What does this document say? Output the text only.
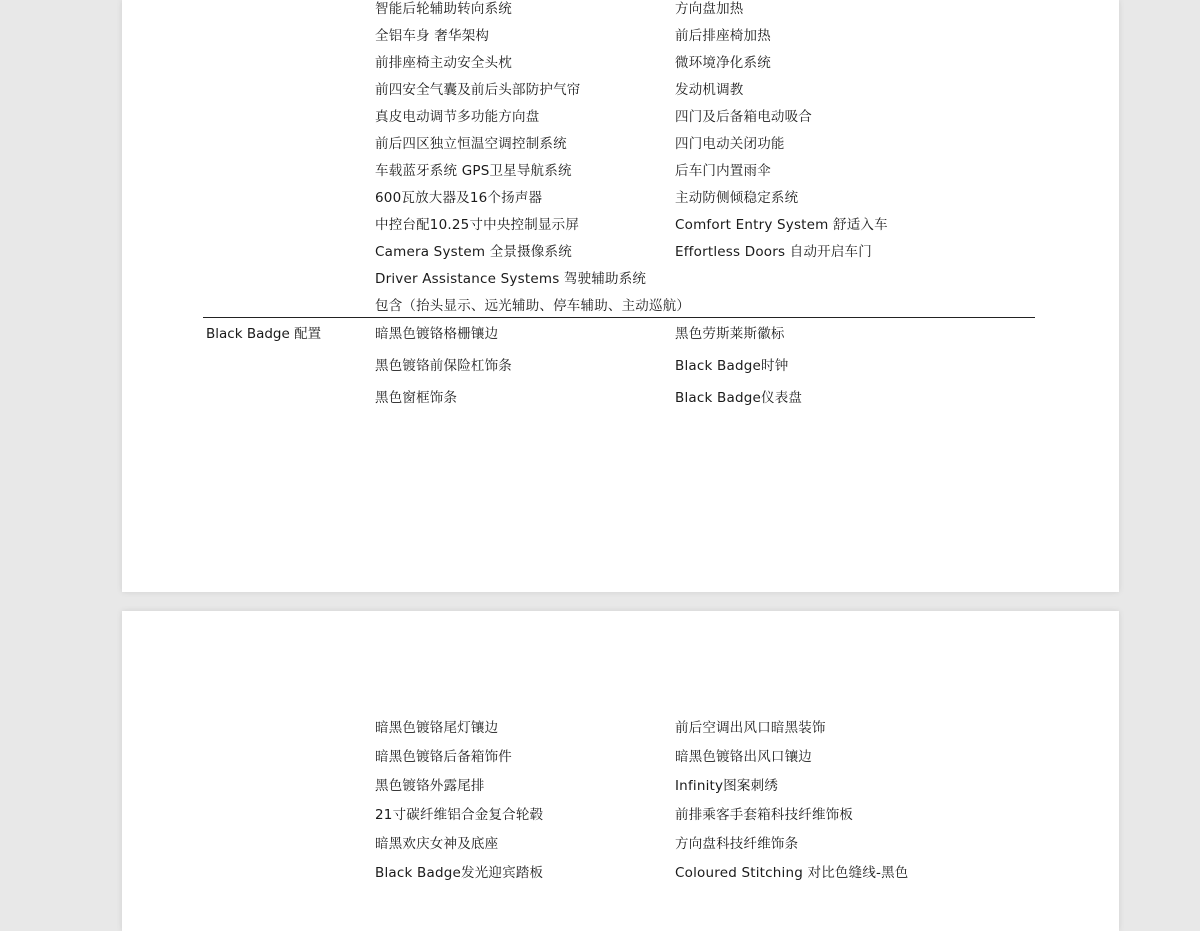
智能后轮辅助转向系统
全铝车身 奢华架构
前排座椅主动安全头枕
前四安全气囊及前后头部防护气帘
真皮电动调节多功能方向盘
前后四区独立恒温空调控制系统
车载蓝牙系统 GPS卫星导航系统
600瓦放大器及16个扬声器
中控台配10.25寸中央控制显示屏
Camera System 全景摄像系统
Driver Assistance Systems 驾驶辅助系统
包含（抬头显示、远光辅助、停车辅助、主动巡航）
方向盘加热
前后排座椅加热
微环境净化系统
发动机调教
四门及后备箱电动吸合
四门电动关闭功能
后车门内置雨伞
主动防侧倾稳定系统
Comfort Entry System 舒适入车
Effortless Doors 自动开启车门
Black Badge 配置	暗黑色镀铬格栅镶边
黑色镀铬前保险杠饰条
黑色窗框饰条
黑色劳斯莱斯徽标
Black Badge时钟
Black Badge仪表盘
暗黑色镀铬尾灯镶边
暗黑色镀铬后备箱饰件
黑色镀铬外露尾排
21寸碳纤维铝合金复合轮毂
暗黑欢庆女神及底座
Black Badge发光迎宾踏板
前后空调出风口暗黑装饰
暗黑色镀铬出风口镶边
Infinity图案刺绣
前排乘客手套箱科技纤维饰板
方向盘科技纤维饰条
Coloured Stitching 对比色缝线-黑色
